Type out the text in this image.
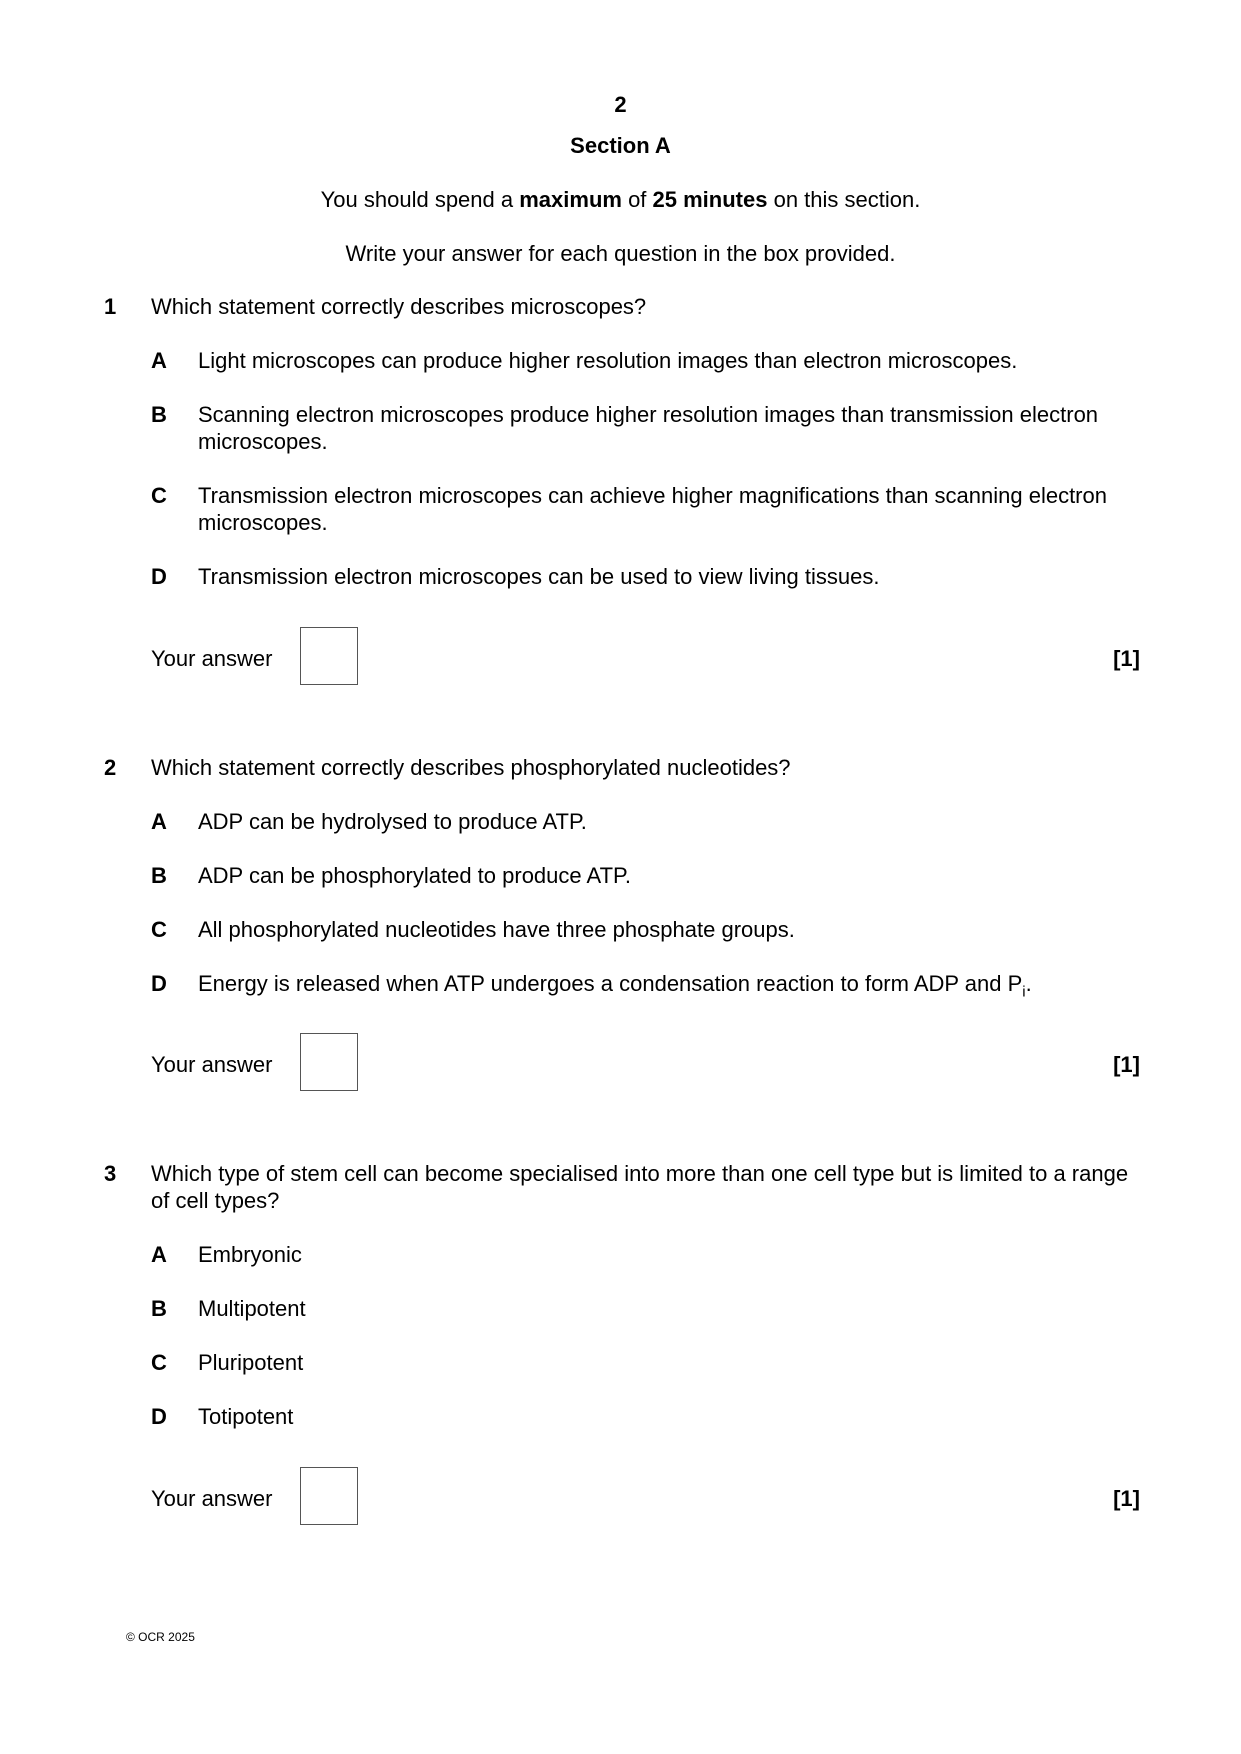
2
Section A
You should spend a maximum of 25 minutes on this section.
Write your answer for each question in the box provided.
1 Which statement correctly describes microscopes?
A Light microscopes can produce higher resolution images than electron microscopes.
B Scanning electron microscopes produce higher resolution images than transmission electron microscopes.
C Transmission electron microscopes can achieve higher magnifications than scanning electron microscopes.
D Transmission electron microscopes can be used to view living tissues.
Your answer	[1]
2 Which statement correctly describes phosphorylated nucleotides?
A ADP can be hydrolysed to produce ATP.
B ADP can be phosphorylated to produce ATP.
C All phosphorylated nucleotides have three phosphate groups.
D Energy is released when ATP undergoes a condensation reaction to form ADP and $P_i$.
Your answer	[1]
3 Which type of stem cell can become specialised into more than one cell type but is limited to a range of cell types?
A Embryonic
B Multipotent
C Pluripotent
D Totipotent
Your answer	[1]
© OCR 2025
